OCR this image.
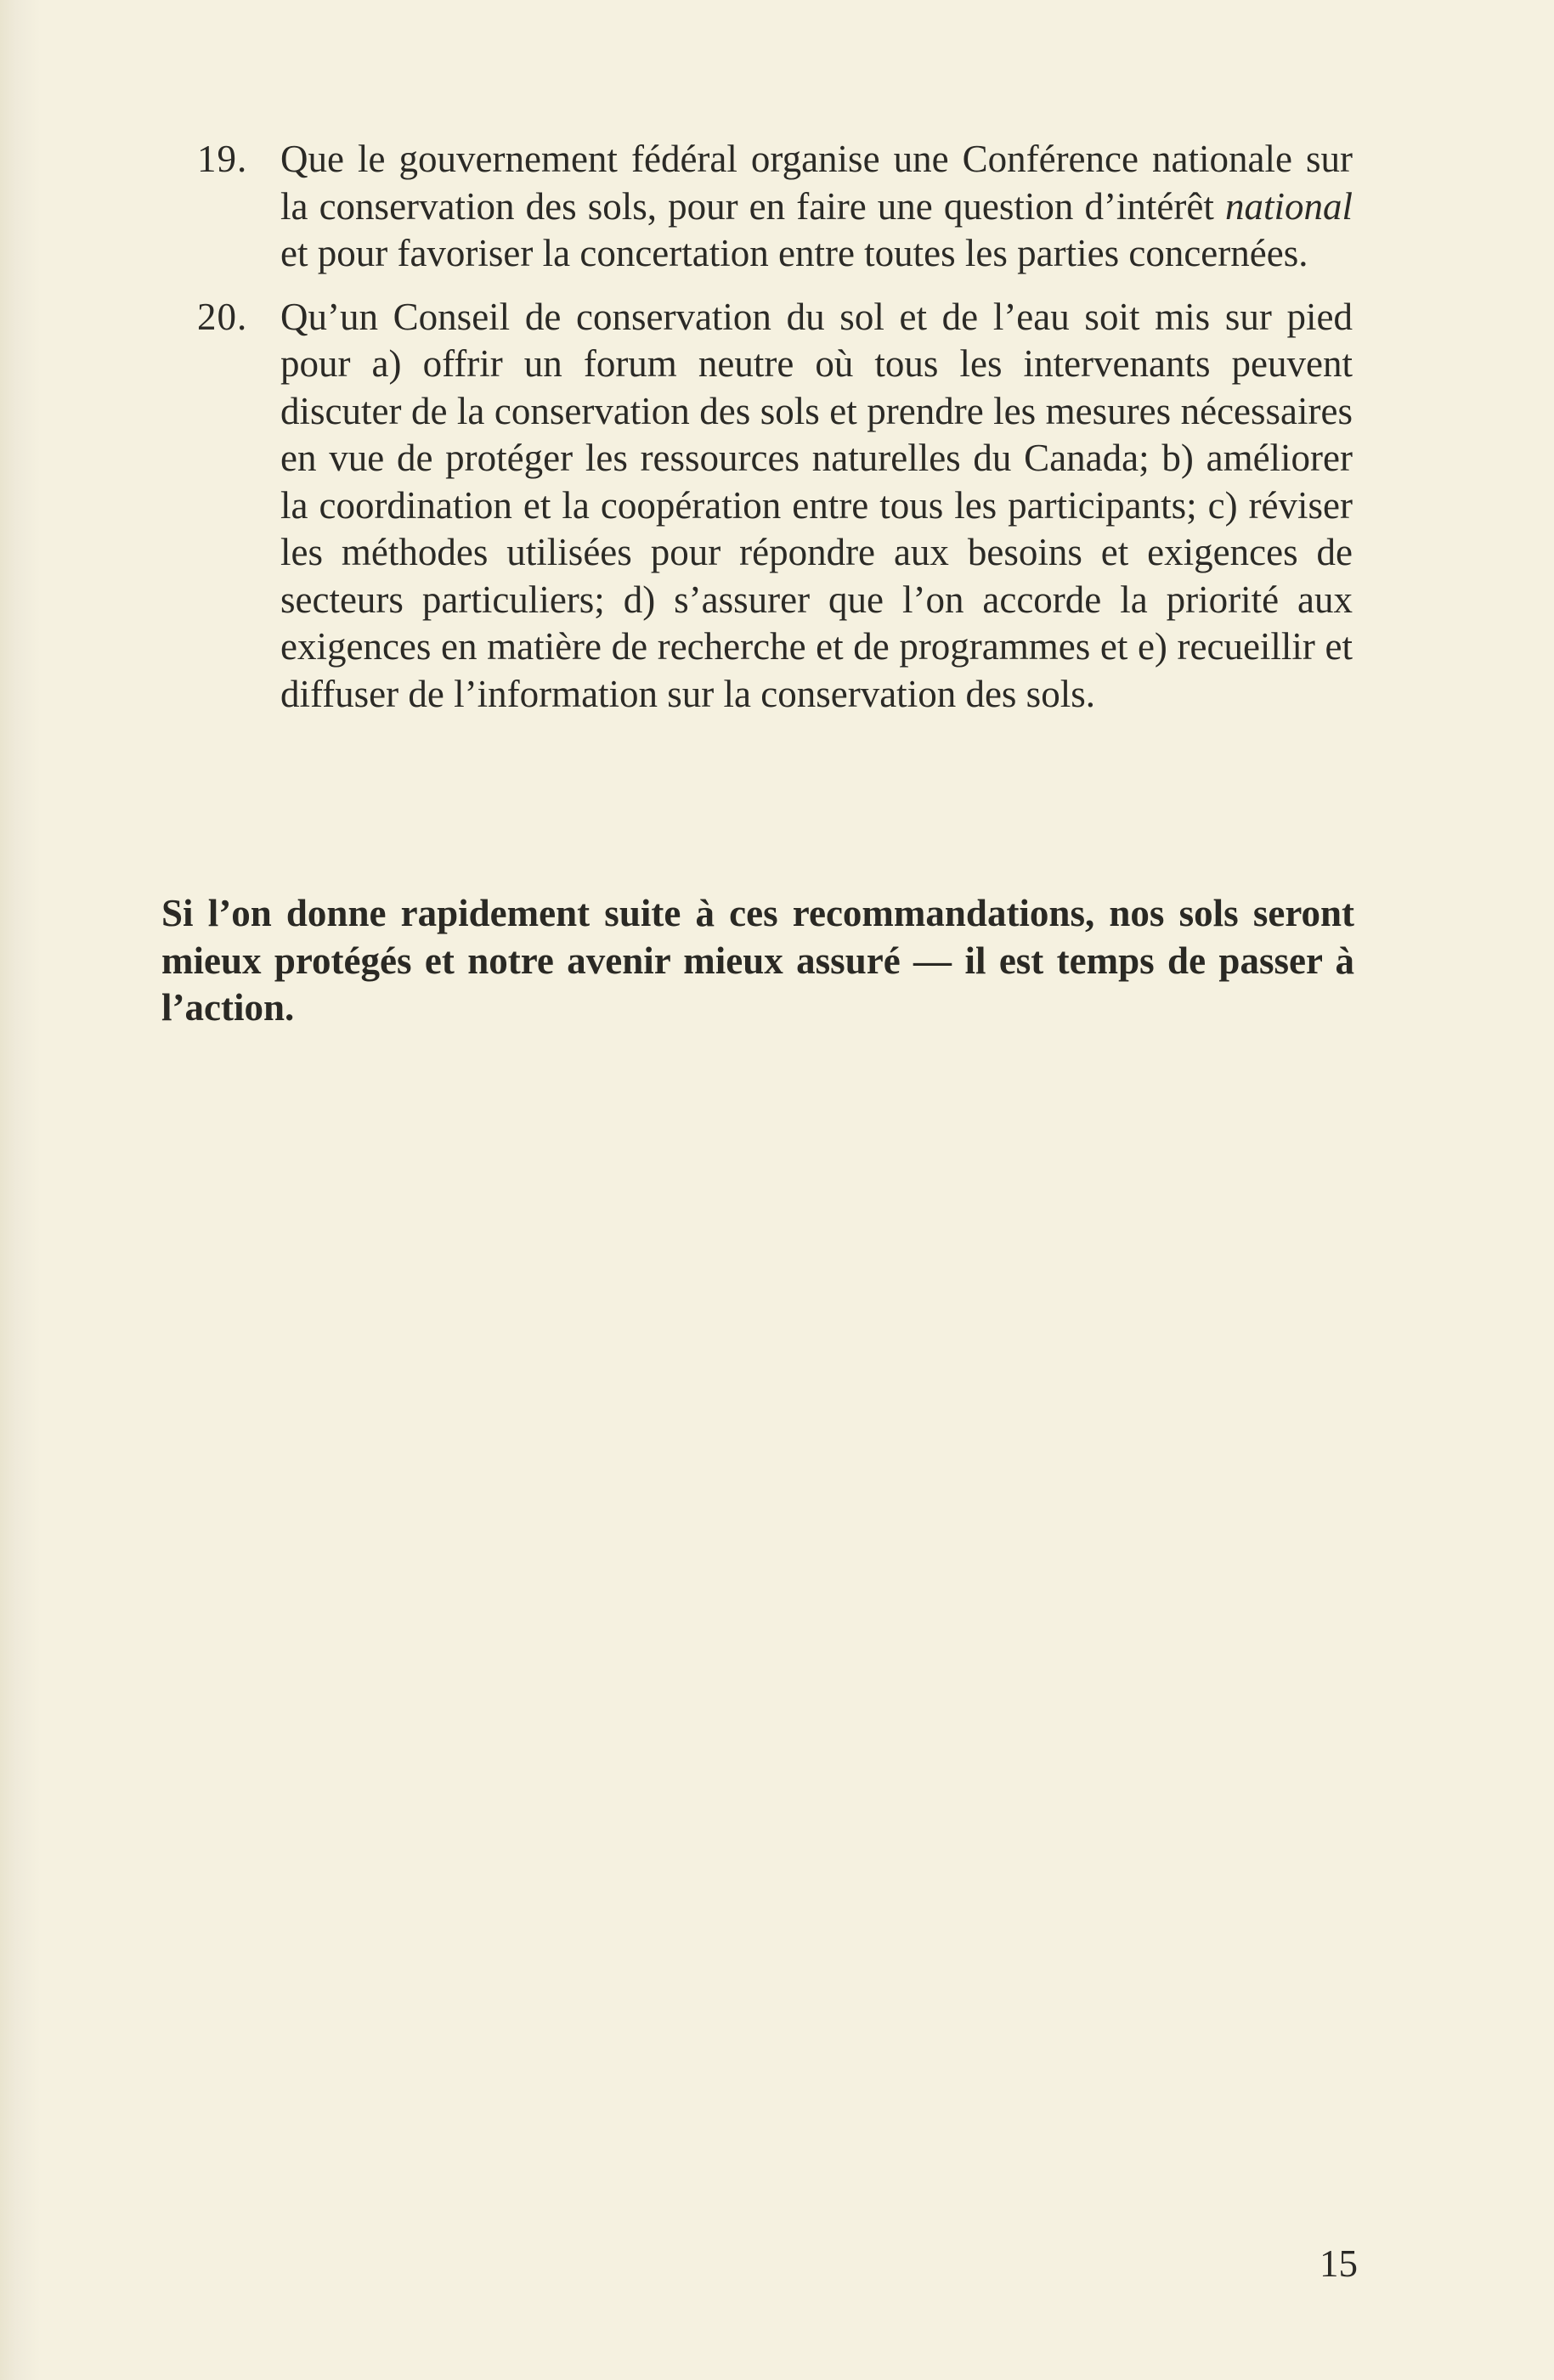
19. Que le gouvernement fédéral organise une Conférence nationale sur la conservation des sols, pour en faire une question d’intérêt national et pour favoriser la concertation entre toutes les parties concernées.
20. Qu’un Conseil de conservation du sol et de l’eau soit mis sur pied pour a) offrir un forum neutre où tous les intervenants peuvent discuter de la conservation des sols et prendre les mesures nécessaires en vue de protéger les ressources naturelles du Canada; b) améliorer la coordination et la coopération entre tous les participants; c) réviser les méthodes utilisées pour répondre aux besoins et exigences de secteurs particuliers; d) s’assurer que l’on accorde la priorité aux exigences en matière de recherche et de programmes et e) recueillir et diffuser de l’information sur la conservation des sols.

Si l’on donne rapidement suite à ces recommandations, nos sols seront mieux protégés et notre avenir mieux assuré — il est temps de passer à l’action.

15
